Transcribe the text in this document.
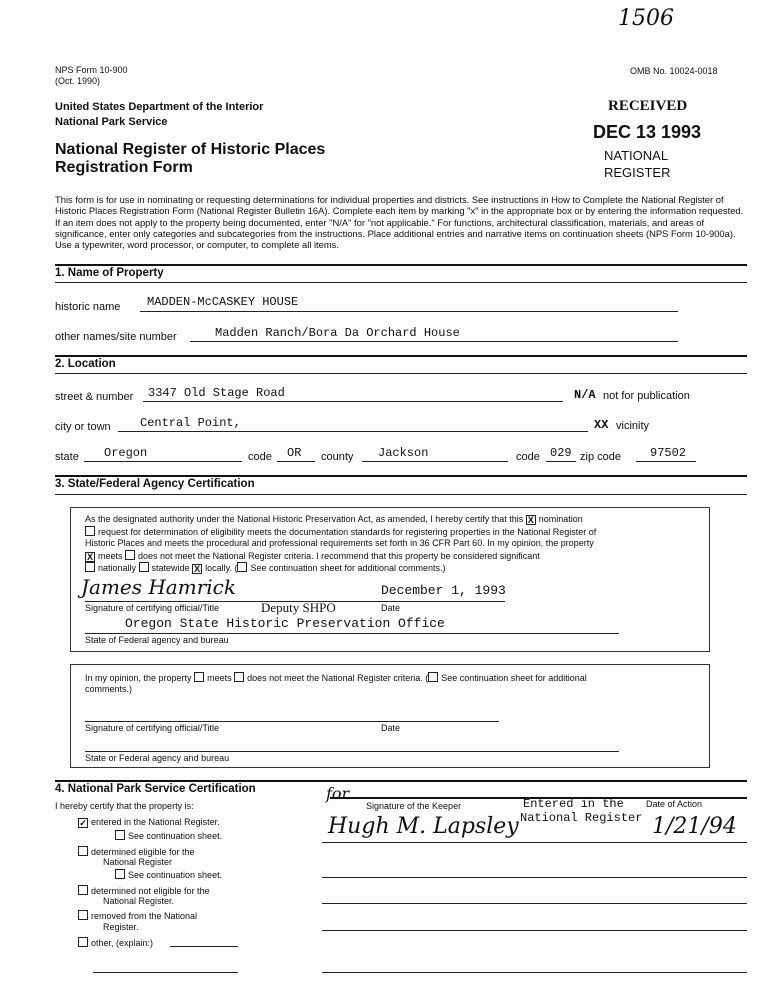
1506
NPS Form 10-900
(Oct. 1990)
OMB No. 10024-0018
United States Department of the Interior
National Park Service
National Register of Historic Places
Registration Form
RECEIVED
DEC 13 1993
NATIONAL
REGISTER
This form is for use in nominating or requesting determinations for individual properties and districts. See instructions in How to Complete the National Register of Historic Places Registration Form (National Register Bulletin 16A). Complete each item by marking "x" in the appropriate box or by entering the information requested. If an item does not apply to the property being documented, enter "N/A" for "not applicable." For functions, architectural classification, materials, and areas of significance, enter only categories and subcategories from the instructions. Place additional entries and narrative items on continuation sheets (NPS Form 10-900a). Use a typewriter, word processor, or computer, to complete all items.
1. Name of Property
historic name MADDEN-McCASKEY HOUSE
other names/site number	Madden Ranch/Bora Da Orchard House
2. Location
street & number 3347 Old Stage Road	N/A not for publication
city or town Central Point,	XX vicinity
state Oregon	code OR county Jackson	code 029 zip code 97502
3. State/Federal Agency Certification
As the designated authority under the National Historic Preservation Act, as amended, I hereby certify that this X nomination
request for determination of eligibility meets the documentation standards for registering properties in the National Register of
Historic Places and meets the procedural and professional requirements set forth in 36 CFR Part 60. In my opinion, the property
X meets does not meet the National Register criteria. I recommend that this property be considered significant
nationally statewide X locally. ( See continuation sheet for additional comments.)
James Hamrick	December 1, 1993
Signature of certifying official/Title	Deputy SHPO	Date
Oregon State Historic Preservation Office
State of Federal agency and bureau
In my opinion, the property meets does not meet the National Register criteria. ( See continuation sheet for additional
comments.)
Signature of certifying official/Title	Date
State or Federal agency and bureau
4. National Park Service Certification
I hereby certify that the property is:
✓ entered in the National Register.
See continuation sheet.
determined eligible for the
National Register
See continuation sheet.
determined not eligible for the
National Register.
removed from the National
Register.
other, (explain:)
for
Signature of the Keeper
Hugh M. Lapsley
Entered in the
National Register
Date of Action
1/21/94
